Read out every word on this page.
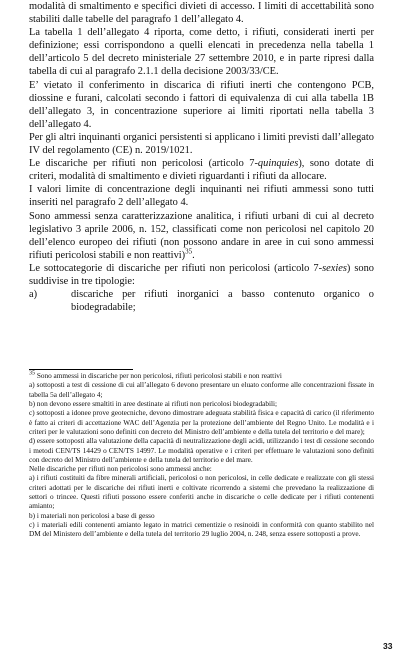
modalità di smaltimento e specifici divieti di accesso. I limiti di accettabilità sono stabiliti dalle tabelle del paragrafo 1 dell’allegato 4.

La tabella 1 dell’allegato 4 riporta, come detto, i rifiuti, considerati inerti per definizione; essi corrispondono a quelli elencati in precedenza nella tabella 1 dell’articolo 5 del decreto ministeriale 27 settembre 2010, e in parte ripresi dalla tabella di cui al paragrafo 2.1.1 della decisione 2003/33/CE.

E’ vietato il conferimento in discarica di rifiuti inerti che contengono PCB, diossine e furani, calcolati secondo i fattori di equivalenza di cui alla tabella 1B dell’allegato 3, in concentrazione superiore ai limiti riportati nella tabella 3 dell’allegato 4.

Per gli altri inquinanti organici persistenti si applicano i limiti previsti dall’allegato IV del regolamento (CE) n. 2019/1021.

Le discariche per rifiuti non pericolosi (articolo 7-quinquies), sono dotate di criteri, modalità di smaltimento e divieti riguardanti i rifiuti da allocare.

I valori limite di concentrazione degli inquinanti nei rifiuti ammessi sono tutti inseriti nel paragrafo 2 dell’allegato 4.

Sono ammessi senza caratterizzazione analitica, i rifiuti urbani di cui al decreto legislativo 3 aprile 2006, n. 152, classificati come non pericolosi nel capitolo 20 dell’elenco europeo dei rifiuti (non possono andare in aree in cui sono ammessi rifiuti pericolosi stabili e non reattivi)$^{35}$.

Le sottocategorie di discariche per rifiuti non pericolosi (articolo 7-sexies) sono suddivise in tre tipologie:

a)	discariche per rifiuti inorganici a basso contenuto organico o biodegradabile;

$^{35}$ Sono ammessi in discariche per non pericolosi, rifiuti pericolosi stabili e non reattivi

a) sottoposti a test di cessione di cui all’allegato 6 devono presentare un eluato conforme alle concentrazioni fissate in tabella 5a dell’allegato 4;

b) non devono essere smaltiti in aree destinate ai rifiuti non pericolosi biodegradabili;

c) sottoposti a idonee prove geotecniche, devono dimostrare adeguata stabilità fisica e capacità di carico (il riferimento è fatto ai criteri di accettazione WAC dell’Agenzia per la protezione dell’ambiente del Regno Unito. Le modalità e i criteri per le valutazioni sono definiti con decreto del Ministro dell’ambiente e della tutela del territorio e del mare);

d) essere sottoposti alla valutazione della capacità di neutralizzazione degli acidi, utilizzando i test di cessione secondo i metodi CEN/TS 14429 o CEN/TS 14997. Le modalità operative e i criteri per effettuare le valutazioni sono definiti con decreto del Ministro dell’ambiente e della tutela del territorio e del mare.

Nelle discariche per rifiuti non pericolosi sono ammessi anche:

a) i rifiuti costituiti da fibre minerali artificiali, pericolosi o non pericolosi, in celle dedicate e realizzate con gli stessi criteri adottati per le discariche dei rifiuti inerti e coltivate ricorrendo a sistemi che prevedano la realizzazione di settori o trincee. Questi rifiuti possono essere conferiti anche in discariche o celle dedicate per i rifiuti contenenti amianto;

b) i materiali non pericolosi a base di gesso

c) i materiali edili contenenti amianto legato in matrici cementizie o resinoidi in conformità con quanto stabilito nel DM del Ministero dell’ambiente e della tutela del territorio 29 luglio 2004, n. 248, senza essere sottoposti a prove.

33
